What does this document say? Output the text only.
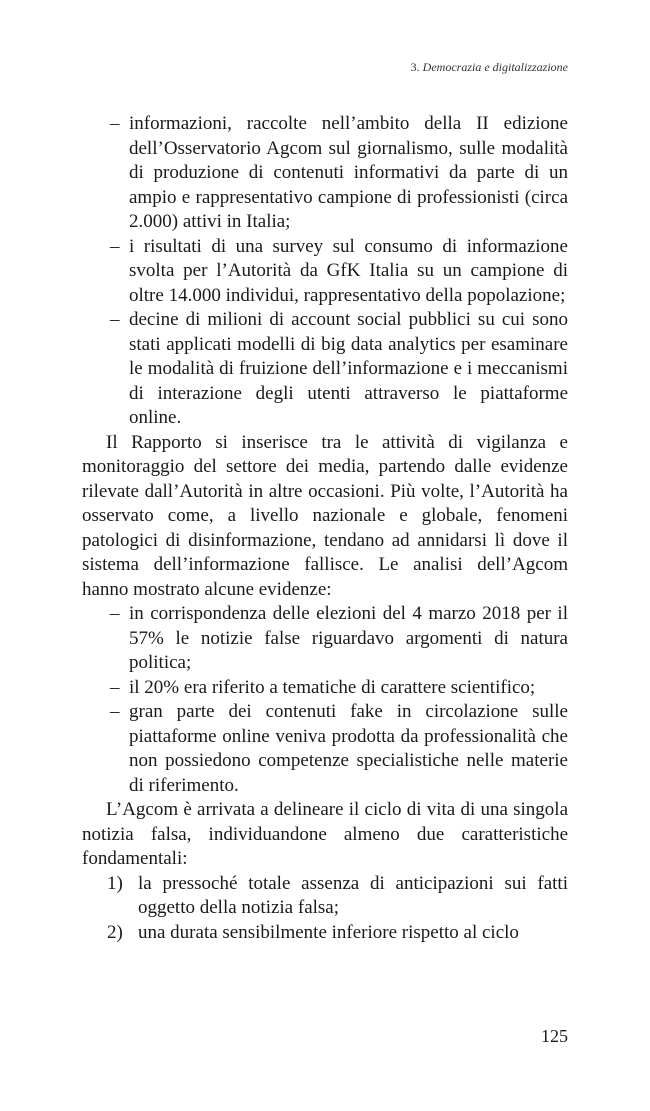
3. Democrazia e digitalizzazione
– informazioni, raccolte nell’ambito della II edizione dell’Osservatorio Agcom sul giornalismo, sulle modalità di produzione di contenuti informativi da parte di un ampio e rappresentativo campione di professionisti (circa 2.000) attivi in Italia;
– i risultati di una survey sul consumo di informazione svolta per l’Autorità da GfK Italia su un campione di oltre 14.000 individui, rappresentativo della popolazione;
– decine di milioni di account social pubblici su cui sono stati applicati modelli di big data analytics per esaminare le modalità di fruizione dell’informazione e i meccanismi di interazione degli utenti attraverso le piattaforme online.

Il Rapporto si inserisce tra le attività di vigilanza e monitoraggio del settore dei media, partendo dalle evidenze rilevate dall’Autorità in altre occasioni. Più volte, l’Autorità ha osservato come, a livello nazionale e globale, fenomeni patologici di disinformazione, tendano ad annidarsi lì dove il sistema dell’informazione fallisce. Le analisi dell’Agcom hanno mostrato alcune evidenze:

– in corrispondenza delle elezioni del 4 marzo 2018 per il 57% le notizie false riguardavo argomenti di natura politica;
– il 20% era riferito a tematiche di carattere scientifico;
– gran parte dei contenuti fake in circolazione sulle piattaforme online veniva prodotta da professionalità che non possiedono competenze specialistiche nelle materie di riferimento.

L’Agcom è arrivata a delineare il ciclo di vita di una singola notizia falsa, individuandone almeno due caratteristiche fondamentali:

1) la pressoché totale assenza di anticipazioni sui fatti oggetto della notizia falsa;
2) una durata sensibilmente inferiore rispetto al ciclo
125
